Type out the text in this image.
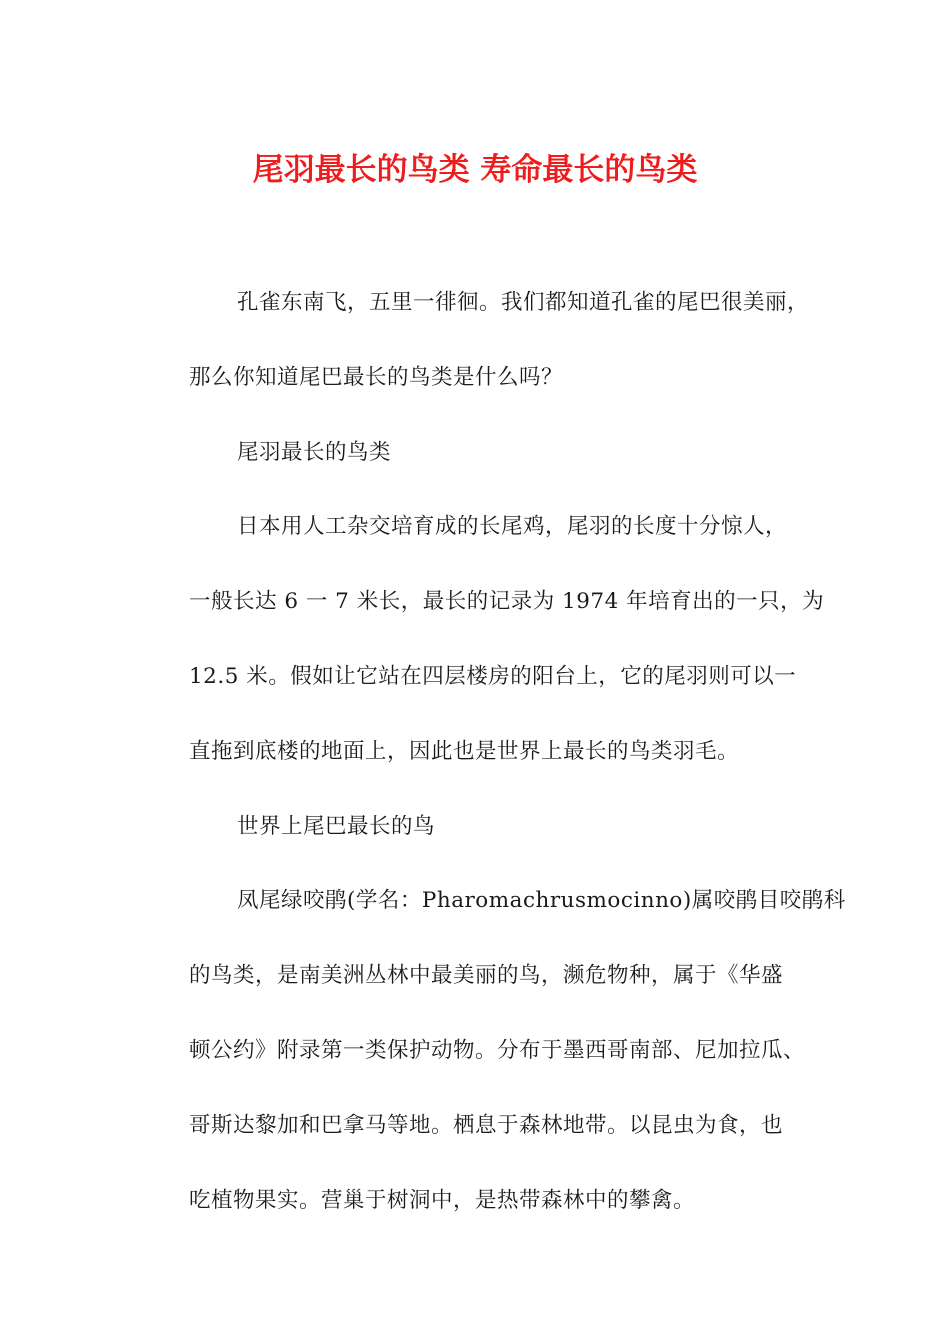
尾羽最长的鸟类 寿命最长的鸟类
孔雀东南飞，五里一徘徊。我们都知道孔雀的尾巴很美丽，
那么你知道尾巴最长的鸟类是什么吗？
尾羽最长的鸟类
日本用人工杂交培育成的长尾鸡，尾羽的长度十分惊人，
一般长达 6 一 7 米长，最长的记录为 1974 年培育出的一只，为
12.5 米。假如让它站在四层楼房的阳台上，它的尾羽则可以一
直拖到底楼的地面上，因此也是世界上最长的鸟类羽毛。
世界上尾巴最长的鸟
凤尾绿咬鹃(学名：Pharomachrusmocinno)属咬鹃目咬鹃科
的鸟类，是南美洲丛林中最美丽的鸟，濒危物种，属于《华盛
顿公约》附录第一类保护动物。分布于墨西哥南部、尼加拉瓜、
哥斯达黎加和巴拿马等地。栖息于森林地带。以昆虫为食，也
吃植物果实。营巢于树洞中，是热带森林中的攀禽。
